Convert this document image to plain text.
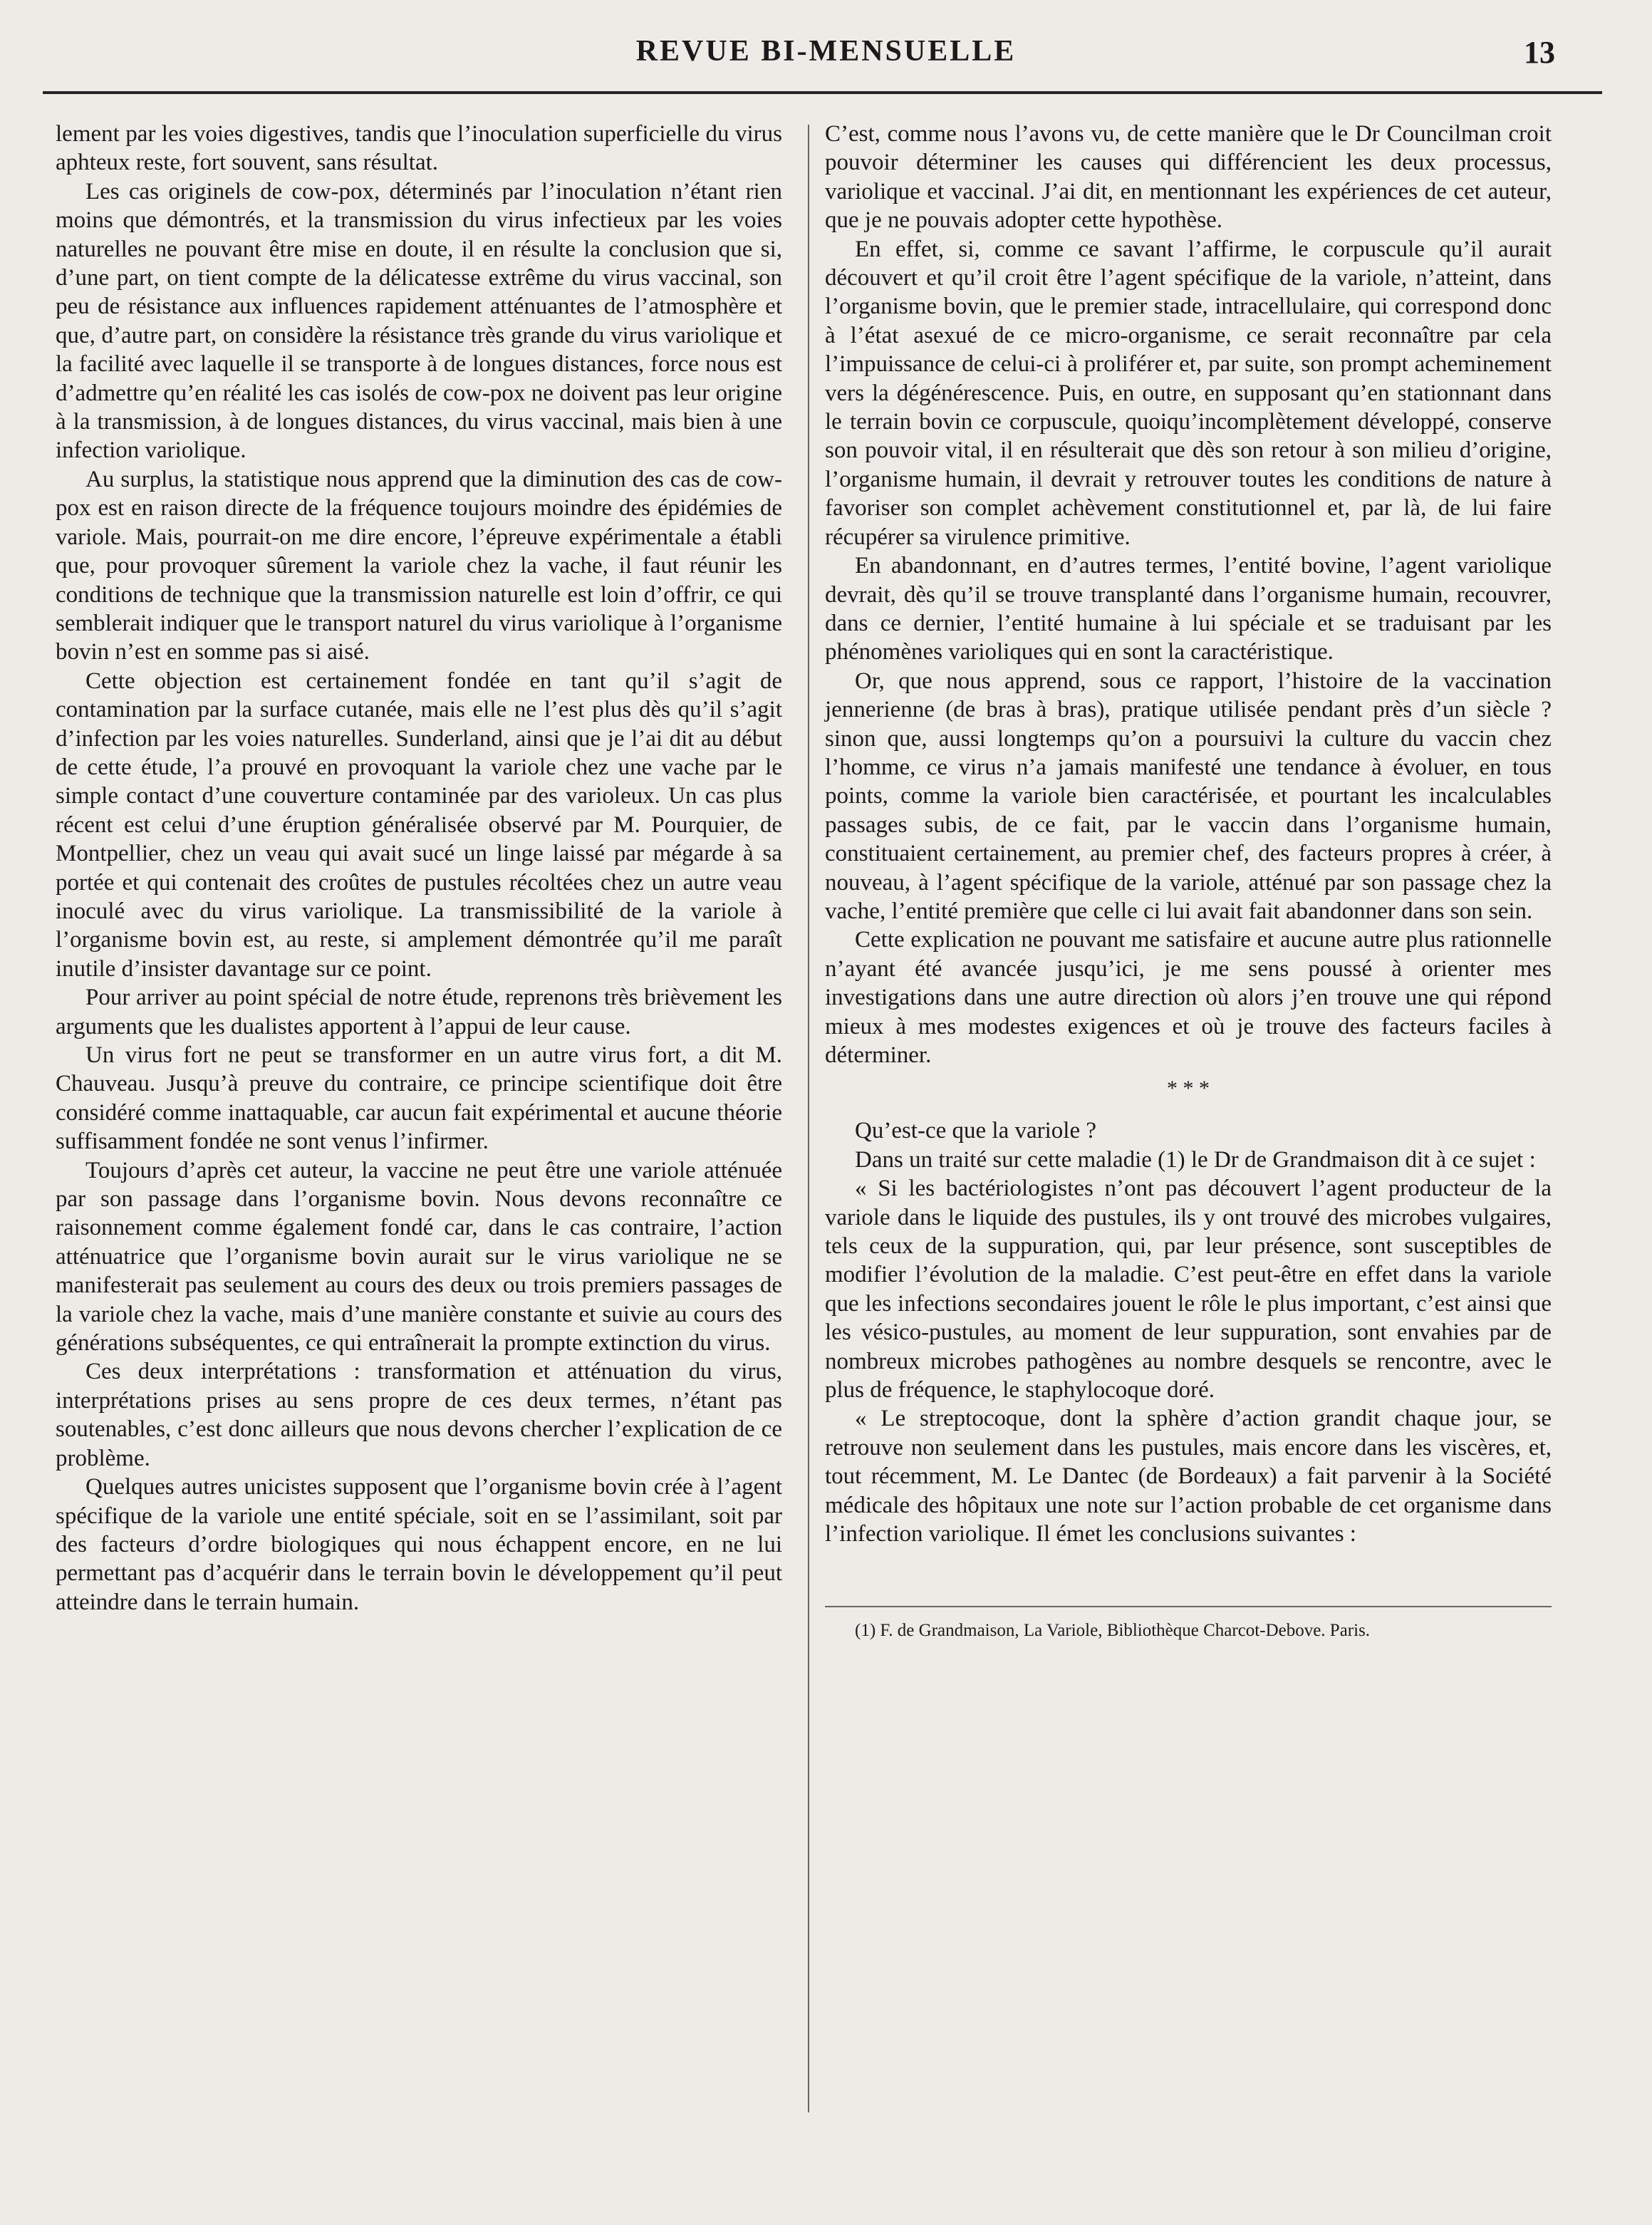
REVUE BI-MENSUELLE	13

lement par les voies digestives, tandis que l’inoculation superficielle du virus aphteux reste, fort souvent, sans résultat.

Les cas originels de cow-pox, déterminés par l’inoculation n’étant rien moins que démontrés, et la transmission du virus infectieux par les voies naturelles ne pouvant être mise en doute, il en résulte la conclusion que si, d’une part, on tient compte de la délicatesse extrême du virus vaccinal, son peu de résistance aux influences rapidement atténuantes de l’atmosphère et que, d’autre part, on considère la résistance très grande du virus variolique et la facilité avec laquelle il se transporte à de longues distances, force nous est d’admettre qu’en réalité les cas isolés de cow-pox ne doivent pas leur origine à la transmission, à de longues distances, du virus vaccinal, mais bien à une infection variolique.

Au surplus, la statistique nous apprend que la diminution des cas de cow-pox est en raison directe de la fréquence toujours moindre des épidémies de variole. Mais, pourrait-on me dire encore, l’épreuve expérimentale a établi que, pour provoquer sûrement la variole chez la vache, il faut réunir les conditions de technique que la transmission naturelle est loin d’offrir, ce qui semblerait indiquer que le transport naturel du virus variolique à l’organisme bovin n’est en somme pas si aisé.

Cette objection est certainement fondée en tant qu’il s’agit de contamination par la surface cutanée, mais elle ne l’est plus dès qu’il s’agit d’infection par les voies naturelles. Sunderland, ainsi que je l’ai dit au début de cette étude, l’a prouvé en provoquant la variole chez une vache par le simple contact d’une couverture contaminée par des varioleux. Un cas plus récent est celui d’une éruption généralisée observé par M. Pourquier, de Montpellier, chez un veau qui avait sucé un linge laissé par mégarde à sa portée et qui contenait des croûtes de pustules récoltées chez un autre veau inoculé avec du virus variolique. La transmissibilité de la variole à l’organisme bovin est, au reste, si amplement démontrée qu’il me paraît inutile d’insister davantage sur ce point.

Pour arriver au point spécial de notre étude, reprenons très brièvement les arguments que les dualistes apportent à l’appui de leur cause.

Un virus fort ne peut se transformer en un autre virus fort, a dit M. Chauveau. Jusqu’à preuve du contraire, ce principe scientifique doit être considéré comme inattaquable, car aucun fait expérimental et aucune théorie suffisamment fondée ne sont venus l’infirmer.

Toujours d’après cet auteur, la vaccine ne peut être une variole atténuée par son passage dans l’organisme bovin. Nous devons reconnaître ce raisonnement comme également fondé car, dans le cas contraire, l’action atténuatrice que l’organisme bovin aurait sur le virus variolique ne se manifesterait pas seulement au cours des deux ou trois premiers passages de la variole chez la vache, mais d’une manière constante et suivie au cours des générations subséquentes, ce qui entraînerait la prompte extinction du virus.

Ces deux interprétations : transformation et atténuation du virus, interprétations prises au sens propre de ces deux termes, n’étant pas soutenables, c’est donc ailleurs que nous devons chercher l’explication de ce problème.

Quelques autres unicistes supposent que l’organisme bovin crée à l’agent spécifique de la variole une entité spéciale, soit en se l’assimilant, soit par des facteurs d’ordre biologiques qui nous échappent encore, en ne lui permettant pas d’acquérir dans le terrain bovin le développement qu’il peut atteindre dans le terrain humain.

C’est, comme nous l’avons vu, de cette manière que le Dr Councilman croit pouvoir déterminer les causes qui différencient les deux processus, variolique et vaccinal. J’ai dit, en mentionnant les expériences de cet auteur, que je ne pouvais adopter cette hypothèse.

En effet, si, comme ce savant l’affirme, le corpuscule qu’il aurait découvert et qu’il croit être l’agent spécifique de la variole, n’atteint, dans l’organisme bovin, que le premier stade, intracellulaire, qui correspond donc à l’état asexué de ce micro-organisme, ce serait reconnaître par cela l’impuissance de celui-ci à proliférer et, par suite, son prompt acheminement vers la dégénérescence. Puis, en outre, en supposant qu’en stationnant dans le terrain bovin ce corpuscule, quoiqu’incomplètement développé, conserve son pouvoir vital, il en résulterait que dès son retour à son milieu d’origine, l’organisme humain, il devrait y retrouver toutes les conditions de nature à favoriser son complet achèvement constitutionnel et, par là, de lui faire récupérer sa virulence primitive.

En abandonnant, en d’autres termes, l’entité bovine, l’agent variolique devrait, dès qu’il se trouve transplanté dans l’organisme humain, recouvrer, dans ce dernier, l’entité humaine à lui spéciale et se traduisant par les phénomènes varioliques qui en sont la caractéristique.

Or, que nous apprend, sous ce rapport, l’histoire de la vaccination jennerienne (de bras à bras), pratique utilisée pendant près d’un siècle ? sinon que, aussi longtemps qu’on a poursuivi la culture du vaccin chez l’homme, ce virus n’a jamais manifesté une tendance à évoluer, en tous points, comme la variole bien caractérisée, et pourtant les incalculables passages subis, de ce fait, par le vaccin dans l’organisme humain, constituaient certainement, au premier chef, des facteurs propres à créer, à nouveau, à l’agent spécifique de la variole, atténué par son passage chez la vache, l’entité première que celle ci lui avait fait abandonner dans son sein.

Cette explication ne pouvant me satisfaire et aucune autre plus rationnelle n’ayant été avancée jusqu’ici, je me sens poussé à orienter mes investigations dans une autre direction où alors j’en trouve une qui répond mieux à mes modestes exigences et où je trouve des facteurs faciles à déterminer.

* * *

Qu’est-ce que la variole ?

Dans un traité sur cette maladie (1) le Dr de Grandmaison dit à ce sujet :

« Si les bactériologistes n’ont pas découvert l’agent producteur de la variole dans le liquide des pustules, ils y ont trouvé des microbes vulgaires, tels ceux de la suppuration, qui, par leur présence, sont susceptibles de modifier l’évolution de la maladie. C’est peut-être en effet dans la variole que les infections secondaires jouent le rôle le plus important, c’est ainsi que les vésico-pustules, au moment de leur suppuration, sont envahies par de nombreux microbes pathogènes au nombre desquels se rencontre, avec le plus de fréquence, le staphylocoque doré.

« Le streptocoque, dont la sphère d’action grandit chaque jour, se retrouve non seulement dans les pustules, mais encore dans les viscères, et, tout récemment, M. Le Dantec (de Bordeaux) a fait parvenir à la Société médicale des hôpitaux une note sur l’action probable de cet organisme dans l’infection variolique. Il émet les conclusions suivantes :

(1) F. de Grandmaison, La Variole, Bibliothèque Charcot-Debove. Paris.
